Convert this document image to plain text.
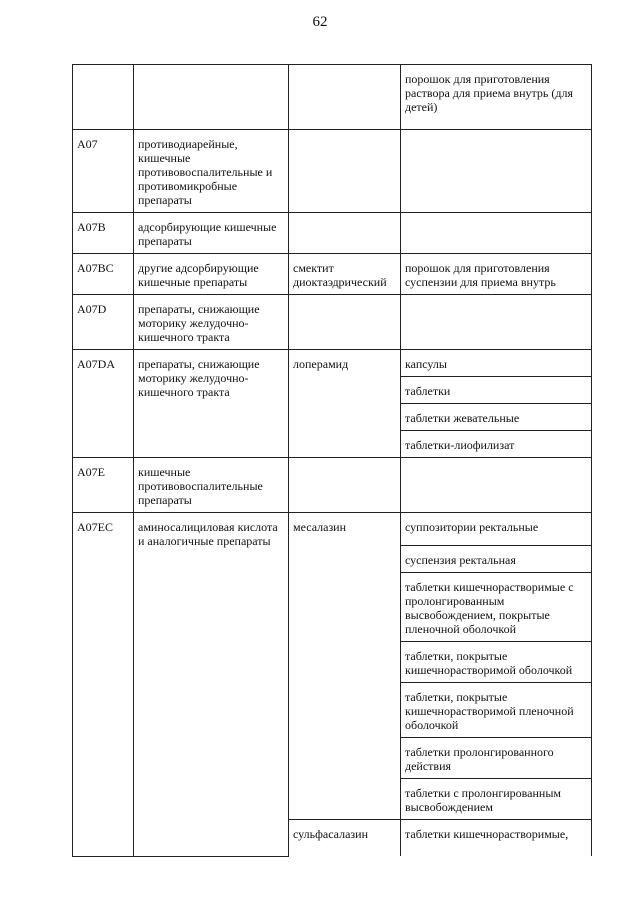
62
			порошок для приготовления раствора для приема внутрь (для детей)
A07	противодиарейные, кишечные противовоспалительные и противомикробные препараты		
A07B	адсорбирующие кишечные препараты		
A07BC	другие адсорбирующие кишечные препараты	смектит диоктаэдрический	порошок для приготовления суспензии для приема внутрь
A07D	препараты, снижающие моторику желудочно-кишечного тракта		
A07DA	препараты, снижающие моторику желудочно-кишечного тракта	лоперамид	капсулы
			таблетки
			таблетки жевательные
			таблетки-лиофилизат
A07E	кишечные противовоспалительные препараты		
A07EC	аминосалициловая кислота и аналогичные препараты	месалазин	суппозитории ректальные
			суспензия ректальная
			таблетки кишечнорастворимые с пролонгированным высвобождением, покрытые пленочной оболочкой
			таблетки, покрытые кишечнорастворимой оболочкой
			таблетки, покрытые кишечнорастворимой пленочной оболочкой
			таблетки пролонгированного действия
			таблетки с пролонгированным высвобождением
		сульфасалазин	таблетки кишечнорастворимые,
